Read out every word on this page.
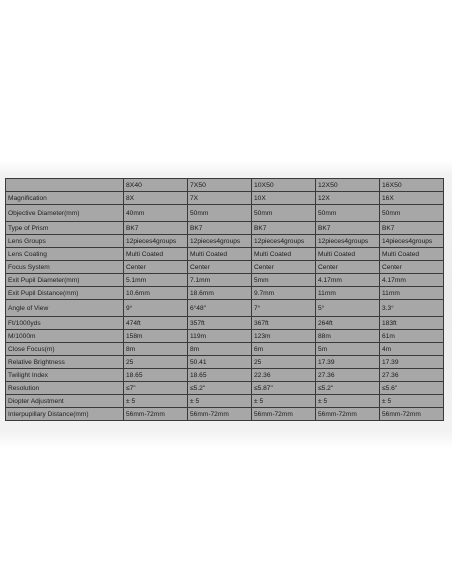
	8X40	7X50	10X50	12X50	16X50
Magnification	8X	7X	10X	12X	16X
Objective Diameter(mm)	40mm	50mm	50mm	50mm	50mm
Type of Prism	BK7	BK7	BK7	BK7	BK7
Lens Groups	12pieces4groups	12pieces4groups	12pieces4groups	12pieces4groups	14pieces4groups
Lens Coating	Multi Coated	Multi Coated	Multi Coated	Multi Coated	Multi Coated
Focus System	Center	Center	Center	Center	Center
Exit Pupil Diameter(mm)	5.1mm	7.1mm	5mm	4.17mm	4.17mm
Exit Pupil Distance(mm)	10.6mm	18.6mm	9.7mm	11mm	11mm
Angle of View	9°	6°48"	7°	5°	3.3°
Ft/1000yds	474ft	357ft	367ft	264ft	183ft
M/1000m	158m	119m	123m	88m	61m
Close Focus(m)	8m	8m	6m	5m	4m
Relative Brightness	25	50.41	25	17.39	17.39
Twilight Index	18.65	18.65	22.36	27.36	27.36
Resolution	≤7"	≤5.2"	≤5.87"	≤5.2"	≤5.6"
Diopter Adjustment	± 5	± 5	± 5	± 5	± 5
Interpupillary Distance(mm)	56mm-72mm	56mm-72mm	56mm-72mm	56mm-72mm	56mm-72mm
